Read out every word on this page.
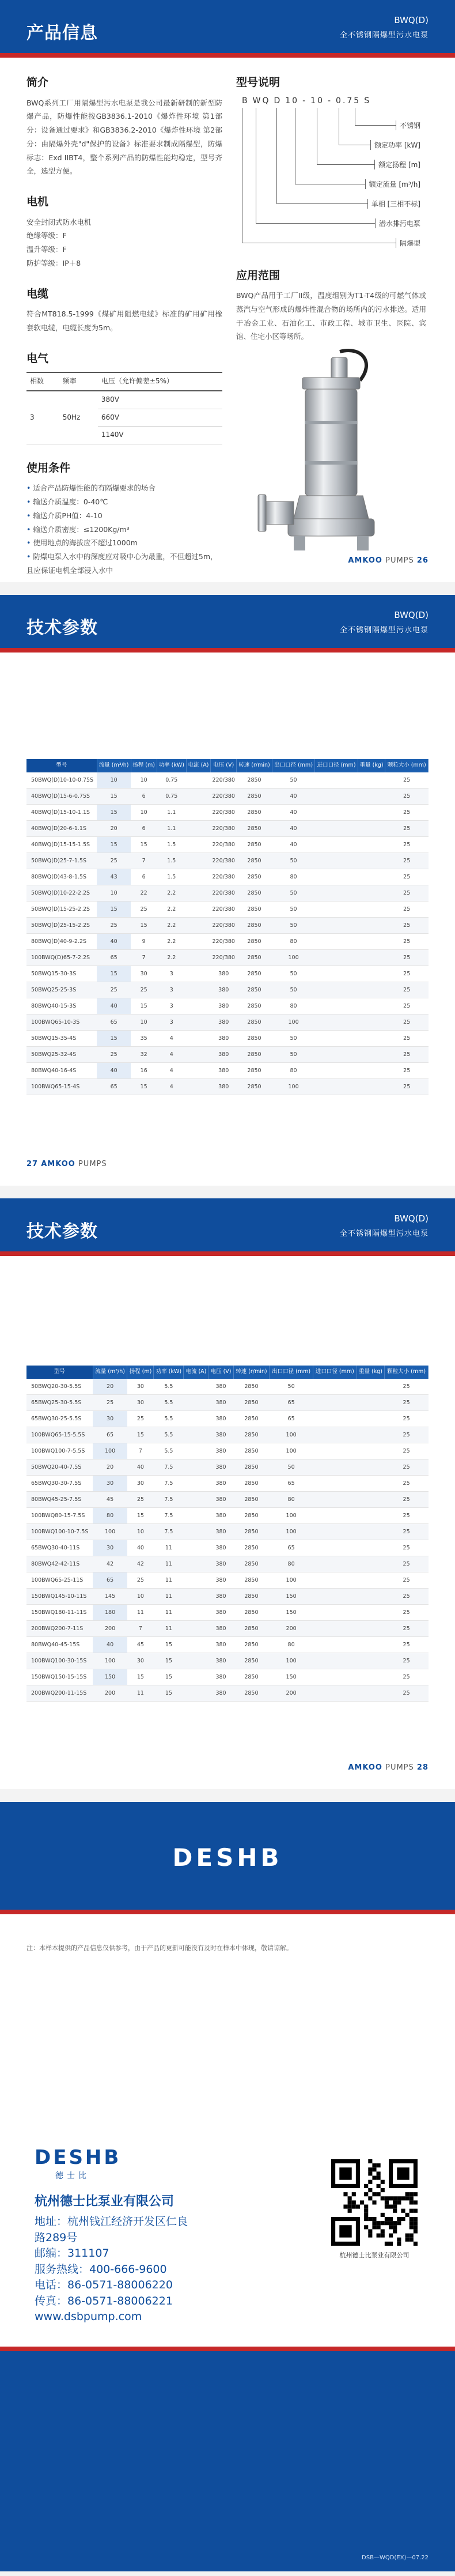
产品信息
BWQ(D)
全不锈钢隔爆型污水电泵
简介
BWQ系列工厂用隔爆型污水电泵是我公司最新研制的新型防爆产品，防爆性能按GB3836.1-2010《爆炸性环境 第1部分：设备通过要求》和GB3836.2-2010《爆炸性环境 第2部分：由隔爆外壳"d"保护的设备》标准要求制成隔爆型，防爆标志：Exd IIBT4，整个系列产品的防爆性能均稳定，型号齐全，选型方便。
电机
安全封闭式防水电机
绝缘等级：F
温升等级：F
防护等级：IP＋8
电缆
符合MT818.5-1999《煤矿用阻燃电缆》标准的矿用矿用橡套软电缆，电缆长度为5m。
电气
相数	频率	电压（允许偏差±5%）
3	50Hz	380V
		660V
		1140V
使用条件
• 适合产品防爆性能的有隔爆要求的场合
• 输送介质温度：0-40℃
• 输送介质PH值：4-10
• 输送介质密度：≤1200Kg/m³
• 使用地点的海拔应不超过1000m
• 防爆电泵入水中的深度应对吸中心为最重，不但超过5m，且应保证电机全部浸入水中
型号说明
B WQ D 10 - 10 - 0.75 S
不锈钢
额定功率 [kW]
额定扬程 [m]
额定流量 [m³/h]
单相 [三相不标]
潜水排污电泵
隔爆型
应用范围
BWQ产品用于工厂II级，温度组别为T1-T4级的可燃气体或蒸汽与空气形成的爆炸性混合物的场所内的污水排送。适用于冶金工业、石油化工、市政工程、城市卫生、医院、宾馆、住宅小区等场所。
AMKOO PUMPS 26
技术参数
BWQ(D)
全不锈钢隔爆型污水电泵
型号	流量 (m³/h)	扬程 (m)	功率 (kW)	电流 (A)	电压 (V)	转速 (r/min)	出口口径 (mm)	进口口径 (mm)	重量 (kg)	颗粒大小 (mm)
50BWQ(D)10-10-0.75S	10	10	0.75		220/380	2850	50			25
40BWQ(D)15-6-0.75S	15	6	0.75		220/380	2850	40			25
40BWQ(D)15-10-1.1S	15	10	1.1		220/380	2850	40			25
40BWQ(D)20-6-1.1S	20	6	1.1		220/380	2850	40			25
40BWQ(D)15-15-1.5S	15	15	1.5		220/380	2850	40			25
50BWQ(D)25-7-1.5S	25	7	1.5		220/380	2850	50			25
80BWQ(D)43-8-1.5S	43	6	1.5		220/380	2850	80			25
50BWQ(D)10-22-2.2S	10	22	2.2		220/380	2850	50			25
50BWQ(D)15-25-2.2S	15	25	2.2		220/380	2850	50			25
50BWQ(D)25-15-2.2S	25	15	2.2		220/380	2850	50			25
80BWQ(D)40-9-2.2S	40	9	2.2		220/380	2850	80			25
100BWQ(D)65-7-2.2S	65	7	2.2		220/380	2850	100			25
50BWQ15-30-3S	15	30	3		380	2850	50			25
50BWQ25-25-3S	25	25	3		380	2850	50			25
80BWQ40-15-3S	40	15	3		380	2850	80			25
100BWQ65-10-3S	65	10	3		380	2850	100			25
50BWQ15-35-4S	15	35	4		380	2850	50			25
50BWQ25-32-4S	25	32	4		380	2850	50			25
80BWQ40-16-4S	40	16	4		380	2850	80			25
100BWQ65-15-4S	65	15	4		380	2850	100			25
27 AMKOO PUMPS
技术参数
BWQ(D)
全不锈钢隔爆型污水电泵
型号	流量 (m³/h)	扬程 (m)	功率 (kW)	电流 (A)	电压 (V)	转速 (r/min)	出口口径 (mm)	进口口径 (mm)	重量 (kg)	颗粒大小 (mm)
50BWQ20-30-5.5S	20	30	5.5		380	2850	50			25
65BWQ25-30-5.5S	25	30	5.5		380	2850	65			25
65BWQ30-25-5.5S	30	25	5.5		380	2850	65			25
100BWQ65-15-5.5S	65	15	5.5		380	2850	100			25
100BWQ100-7-5.5S	100	7	5.5		380	2850	100			25
50BWQ20-40-7.5S	20	40	7.5		380	2850	50			25
65BWQ30-30-7.5S	30	30	7.5		380	2850	65			25
80BWQ45-25-7.5S	45	25	7.5		380	2850	80			25
100BWQ80-15-7.5S	80	15	7.5		380	2850	100			25
100BWQ100-10-7.5S	100	10	7.5		380	2850	100			25
65BWQ30-40-11S	30	40	11		380	2850	65			25
80BWQ42-42-11S	42	42	11		380	2850	80			25
100BWQ65-25-11S	65	25	11		380	2850	100			25
150BWQ145-10-11S	145	10	11		380	2850	150			25
150BWQ180-11-11S	180	11	11		380	2850	150			25
200BWQ200-7-11S	200	7	11		380	2850	200			25
80BWQ40-45-15S	40	45	15		380	2850	80			25
100BWQ100-30-15S	100	30	15		380	2850	100			25
150BWQ150-15-15S	150	15	15		380	2850	150			25
200BWQ200-11-15S	200	11	15		380	2850	200			25
AMKOO PUMPS 28
DESHB
注：本样本提供的产品信息仅供参考，由于产品的更新可能没有及时在样本中体现，敬请谅解。
DESHB
德士比
杭州德士比泵业有限公司
地址：杭州钱江经济开发区仁良
路289号
邮编：311107
服务热线：400-666-9600
电话：86-0571-88006220
传真：86-0571-88006221
www.dsbpump.com
杭州德士比泵业有限公司
DSB—WQD(EX)—07.22
